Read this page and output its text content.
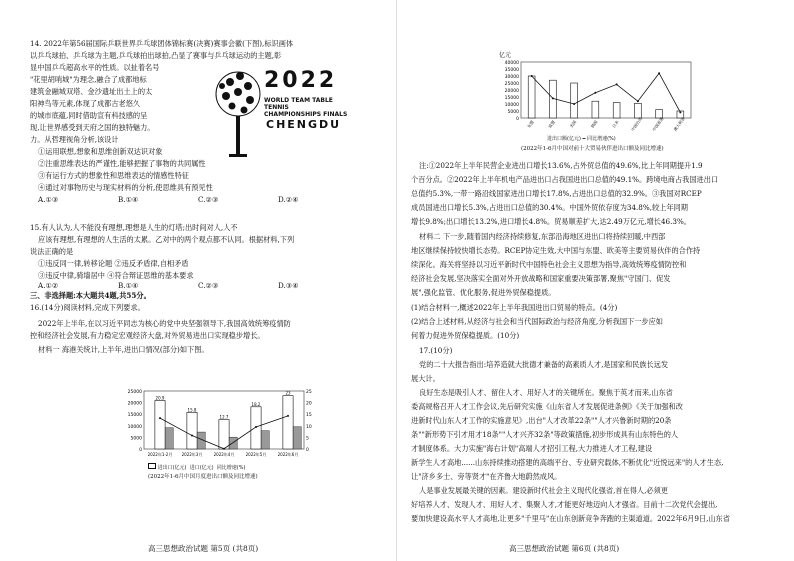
14. 2022年第56届国际乒联世界乒乓球团体锦标赛(决赛)赛事会徽(下图),标识画体
以乒乓球拍、乒乓球为主题,乒乓球拍出球拍,凸显了赛事与乒乓球运动的主题,彰
显中国乒乓超高水平的性质。以扯着名号
"花里胡哨城"为理念,融合了成都地标
建筑金融城双塔、金沙遗址出土上的太
阳神鸟等元素,体现了成都古老悠久
的城市底蕴,同时借助宣有科技感的呈
现,让世界感受到天府之国的独特魅力。
力。从哲理视角分析,该设计
①运用联想,想象和思维创新双达识对象
②注重思维表达的严谨性,能够把握了事物的共同属性
③有运行方式的想象性和思维表达的情感性特征
④通过对事物历史与现实材料的分析,使思维具有预见性
15.有人认为,人不能没有理想,理想是人生的灯塔;出时间对人,人不
应该有理想,有理想的人生活的太累。乙对中的两个观点都不认同。根据材料,下列
说法正确的是
①违反同一律,转移论题 ②违反矛盾律,自相矛盾
③违反中律,骑墙居中 ④符合辩证思维的基本要求
三、非选择题:本大题共4题,共55分。
16.(14分)阅读材料,完成下列要求。
2022年上半年,在以习近平同志为核心的党中央坚强领导下,我国高效统筹疫情防
控和经济社会发展,有力稳定宏观经济大盘,对外贸易进出口实现稳步增长。
材料一 海港关统计,上半年,进出口情况(部分)如下图。
A.①③	B.①④	C.②③	D.②④
A.①②	B.①④	C.②③	D.③④
2022
WORLD TEAM TABLE TENNIS
CHAMPIONSHIPS FINALS
CHENGDU
0	0
5000	5
10000	10
15000	15
20000	20
25000	25
2022年1-2月
20.9
2022年3月
15.8
2022年4月
12.7
2022年5月
18.2
2022年6月
23
进出口(亿元) 进口(亿元) 同比增速(%)
(2022年1-6月中国月度进出口额及同比增速)
高三思想政治试题 第5页 (共8页)
亿元
0
5000
10000
15000
20000
25000
30000
35000
40000
东盟	欧盟	美国	韩国	日本	中国台湾 中国香港 澳大利亚
进出口额(亿元) ━ 同比增速(%)
(2022年1-6月中国对前十大贸易伙伴进出口额及同比增速)
注:①2022年上半年民营企业进出口增长13.6%,占外贸总值的49.6%,比上年同期提升1.9
个百分点。②2022年上半年机电产品进出口占我国进出口总值的49.1%。跨境电商占我国进出口
总值约5.3%,一带一路沿线国家进出口增长17.8%,占进出口总值的32.9%。③我国对RCEP
成员国进出口增长5.3%,占进出口总值的30.4%。中国外贸依存度为34.8%,较上年同期
增长9.8%;出口增长13.2%,进口增长4.8%。贸易顺差扩大,达2.49万亿元,增长46.3%。
材料二 下一步,随着国内经济持续修复,东部沿海地区进出口将持续回暖,中西部
地区继续保持较快增长态势。RCEP协定生效,大中国与东盟、欧美等主要贸易伙伴的合作持
续深化。海关将坚持以习近平新时代中国特色社会主义思想为指导,高效统筹疫情防控和
经济社会发展,坚决落实全面对外开放战略和国家重要决策部署,聚焦"守国门、促发
展",强化监管、优化服务,促进外贸保稳提质。
(1)结合材料一,概述2022年上半年我国进出口贸易的特点。(4分)
(2)结合上述材料,从经济与社会和当代国际政治与经济角度,分析我国下一步应如
何着力促进外贸保稳提质。(10分)
17.(10分)
党的二十大报告指出:培养造就大批德才兼备的高素质人才,是国家和民族长远发
展大计。
良好生态是吸引人才、留住人才、用好人才的关键所在。聚焦于英才而来,山东省
委高规格召开人才工作会议,先后研究实施《山东省人才发展促进条例》《关于加强和改
进新时代山东人才工作的实施意见》,出台"人才改革22条""人才兴鲁新时期的20条
条""新形势下引才用才18条""人才兴齐32条"等政策措施,初步形成具有山东特色的人
才制度体系。大力实施"海右计划"高端人才招引工程,大力推进人才工程,建设
新学生人才高地......山东持续推动搭建的高端平台、专业研究载体,不断优化"近悦远来"的人才生态,
让"济乡多士、旁等贤才"在齐鲁大地蔚然成风。
人是事业发展最关键的因素。建设新时代社会主义现代化强省,首在得人,必须更
好培养人才、发现人才、用好人才、集聚人才,才能更好地迈向人才强省。目前十二次党代会提出,
要加快建设高水平人才高地,让更多"千里马"在山东创新竞争奔跑的主渠道道。2022年6月9日,山东省
高三思想政治试题 第6页 (共8页)
